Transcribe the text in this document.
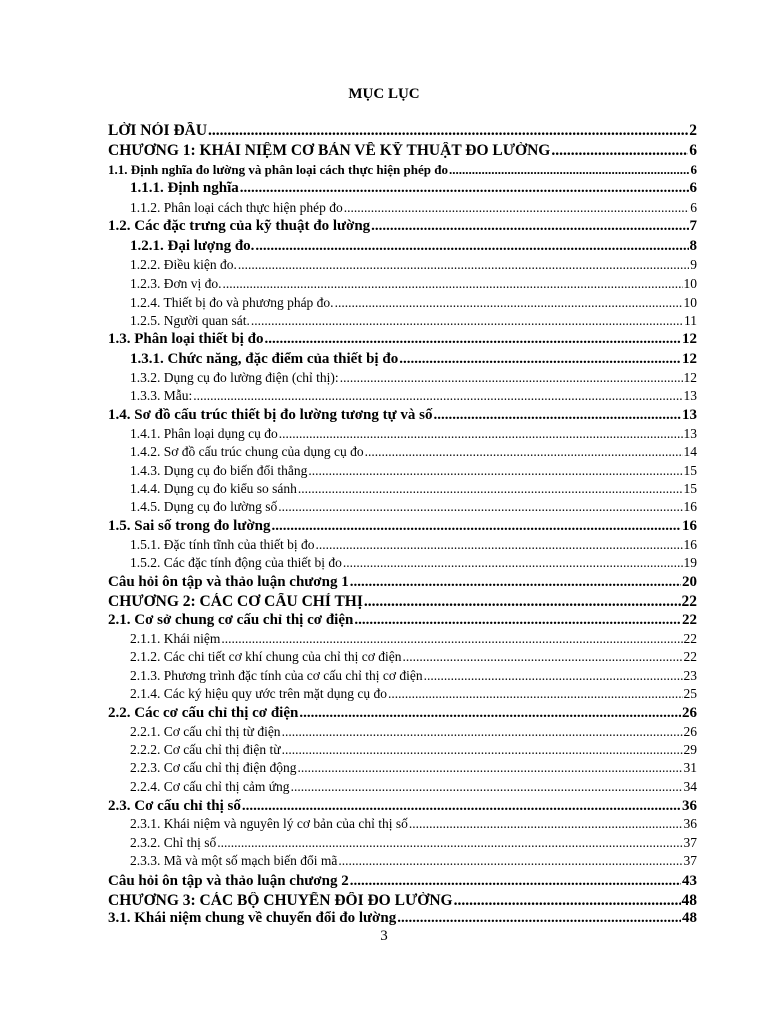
MỤC LỤC
LỜI NÓI ĐẦU .....	2
CHƯƠNG 1: KHÁI NIỆM CƠ BẢN VỀ KỸ THUẬT ĐO LƯỜNG .....	6
1.1. Định nghĩa đo lường và phân loại cách thực hiện phép đo .....	6
1.1.1. Định nghĩa .....	6
1.1.2. Phân loại cách thực hiện phép đo .....	6
1.2. Các đặc trưng của kỹ thuật đo lường .....	7
1.2.1. Đại lượng đo. .....	8
1.2.2. Điều kiện đo. .....	9
1.2.3. Đơn vị đo. .....	10
1.2.4. Thiết bị đo và phương pháp đo. .....	10
1.2.5. Người quan sát. .....	11
1.3. Phân loại thiết bị đo .....	12
1.3.1. Chức năng, đặc điểm của thiết bị đo .....	12
1.3.2. Dụng cụ đo lường điện (chỉ thị): .....	12
1.3.3. Mẫu: .....	13
1.4. Sơ đồ cấu trúc thiết bị đo lường tương tự và số .....	13
1.4.1. Phân loại dụng cụ đo .....	13
1.4.2. Sơ đồ cấu trúc chung của dụng cụ đo .....	14
1.4.3. Dụng cụ đo biến đổi thẳng .....	15
1.4.4. Dụng cụ đo kiểu so sánh .....	15
1.4.5. Dụng cụ đo lường số .....	16
1.5. Sai số trong đo lường .....	16
1.5.1. Đặc tính tĩnh của thiết bị đo .....	16
1.5.2. Các đặc tính động của thiết bị đo .....	19
Câu hỏi ôn tập và thảo luận chương 1 .....	20
CHƯƠNG 2: CÁC CƠ CẤU CHỈ THỊ .....	22
2.1. Cơ sở chung cơ cấu chỉ thị cơ điện .....	22
2.1.1. Khái niệm .....	22
2.1.2. Các chi tiết cơ khí chung của chỉ thị cơ điện .....	22
2.1.3. Phương trình đặc tính của cơ cấu chỉ thị cơ điện .....	23
2.1.4. Các ký hiệu quy ước trên mặt dụng cụ đo .....	25
2.2. Các cơ cấu chỉ thị cơ điện .....	26
2.2.1. Cơ cấu chỉ thị từ điện .....	26
2.2.2. Cơ cấu chỉ thị điện từ .....	29
2.2.3. Cơ cấu chỉ thị điện động .....	31
2.2.4. Cơ cấu chỉ thị cảm ứng .....	34
2.3. Cơ cấu chỉ thị số .....	36
2.3.1. Khái niệm và nguyên lý cơ bản của chỉ thị số .....	36
2.3.2. Chỉ thị số .....	37
2.3.3. Mã và một số mạch biến đổi mã .....	37
Câu hỏi ôn tập và thảo luận chương 2 .....	43
CHƯƠNG 3: CÁC BỘ CHUYỂN ĐỔI ĐO LƯỜNG .....	48
3.1. Khái niệm chung về chuyển đổi đo lường .....	48
3
